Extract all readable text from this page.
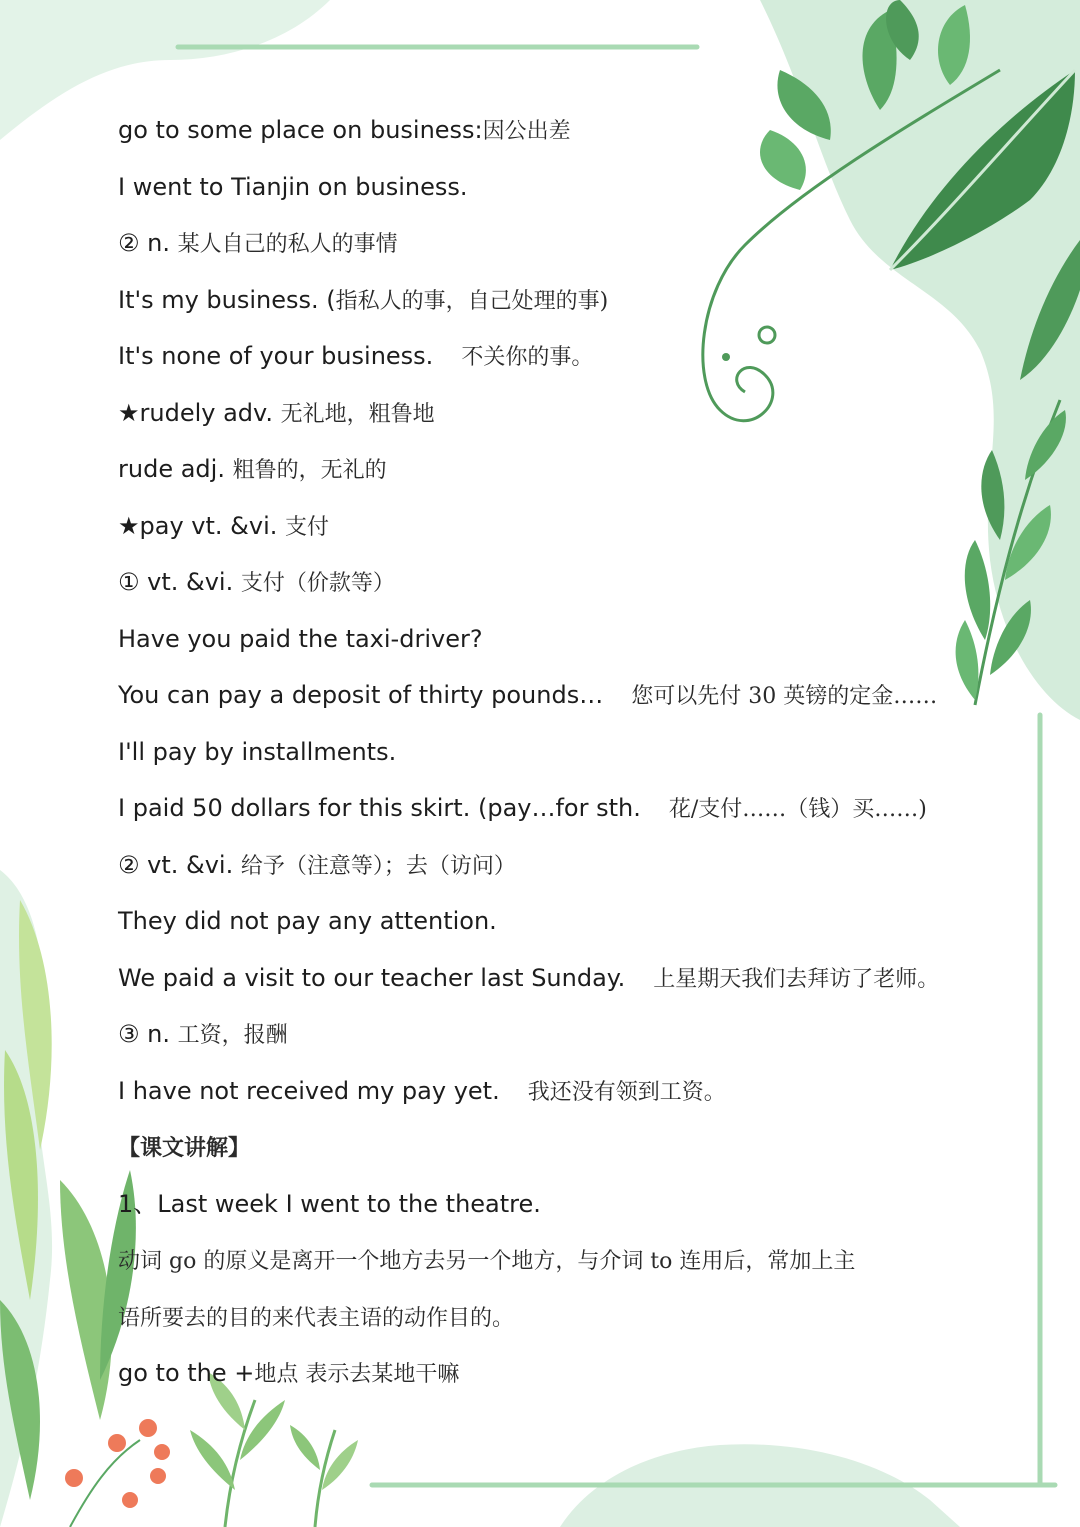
go to some place on business:因公出差
I went to Tianjin on business.
② n. 某人自己的私人的事情
It's my business. (指私人的事，自己处理的事)
It's none of your business. 不关你的事。
★rudely adv. 无礼地，粗鲁地
rude adj. 粗鲁的，无礼的
★pay vt. &vi. 支付
① vt. &vi. 支付（价款等）
Have you paid the taxi-driver?
You can pay a deposit of thirty pounds… 您可以先付 30 英镑的定金……
I'll pay by installments.
I paid 50 dollars for this skirt. (pay…for sth. 花/支付……（钱）买……)
② vt. &vi. 给予（注意等）；去（访问）
They did not pay any attention.
We paid a visit to our teacher last Sunday. 上星期天我们去拜访了老师。
③ n. 工资，报酬
I have not received my pay yet. 我还没有领到工资。
【课文讲解】
1、Last week I went to the theatre.
动词 go 的原义是离开一个地方去另一个地方，与介词 to 连用后，常加上主
语所要去的目的来代表主语的动作目的。
go to the +地点 表示去某地干嘛
